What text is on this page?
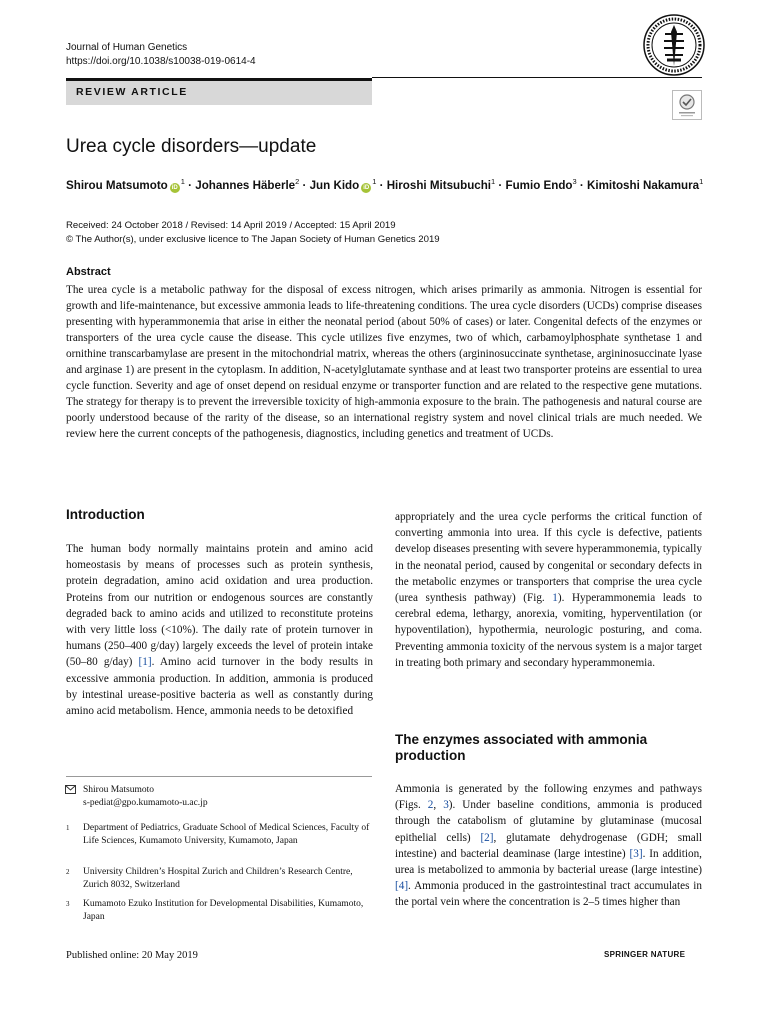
Journal of Human Genetics
https://doi.org/10.1038/s10038-019-0614-4
REVIEW ARTICLE
Urea cycle disorders—update
Shirou Matsumoto $iD^1$ · Johannes Häberle$^2$ · Jun Kido $iD^1$ · Hiroshi Mitsubuchi$^1$ · Fumio Endo$^3$ · Kimitoshi Nakamura$^1$
Received: 24 October 2018 / Revised: 14 April 2019 / Accepted: 15 April 2019
© The Author(s), under exclusive licence to The Japan Society of Human Genetics 2019
Abstract
The urea cycle is a metabolic pathway for the disposal of excess nitrogen, which arises primarily as ammonia. Nitrogen is essential for growth and life-maintenance, but excessive ammonia leads to life-threatening conditions. The urea cycle disorders (UCDs) comprise diseases presenting with hyperammonemia that arise in either the neonatal period (about 50% of cases) or later. Congenital defects of the enzymes or transporters of the urea cycle cause the disease. This cycle utilizes five enzymes, two of which, carbamoylphosphate synthetase 1 and ornithine transcarbamylase are present in the mitochondrial matrix, whereas the others (argininosuccinate synthetase, argininosuccinate lyase and arginase 1) are present in the cytoplasm. In addition, N-acetylglutamate synthase and at least two transporter proteins are essential to urea cycle function. Severity and age of onset depend on residual enzyme or transporter function and are related to the respective gene mutations. The strategy for therapy is to prevent the irreversible toxicity of high-ammonia exposure to the brain. The pathogenesis and natural course are poorly understood because of the rarity of the disease, so an international registry system and novel clinical trials are much needed. We review here the current concepts of the pathogenesis, diagnostics, including genetics and treatment of UCDs.
Introduction
The human body normally maintains protein and amino acid homeostasis by means of processes such as protein synthesis, protein degradation, amino acid oxidation and urea production. Proteins from our nutrition or endogenous sources are constantly degraded back to amino acids and utilized to reconstitute proteins with very little loss (<10%). The daily rate of protein turnover in humans (250–400 g/day) largely exceeds the level of protein intake (50–80 g/day) [1]. Amino acid turnover in the body results in excessive ammonia production. In addition, ammonia is produced by intestinal urease-positive bacteria as well as constantly during amino acid metabolism. Hence, ammonia needs to be detoxified
Shirou Matsumoto
s-pediat@gpo.kumamoto-u.ac.jp
1 Department of Pediatrics, Graduate School of Medical Sciences, Faculty of Life Sciences, Kumamoto University, Kumamoto, Japan
2 University Children’s Hospital Zurich and Children’s Research Centre, Zurich 8032, Switzerland
3 Kumamoto Ezuko Institution for Developmental Disabilities, Kumamoto, Japan
appropriately and the urea cycle performs the critical function of converting ammonia into urea. If this cycle is defective, patients develop diseases presenting with severe hyperammonemia, typically in the neonatal period, caused by congenital or secondary defects in the metabolic enzymes or transporters that comprise the urea cycle (urea synthesis pathway) (Fig. 1). Hyperammonemia leads to cerebral edema, lethargy, anorexia, vomiting, hyperventilation (or hypoventilation), hypothermia, neurologic posturing, and coma. Preventing ammonia toxicity of the nervous system is a major target in treating both primary and secondary hyperammonemia.
The enzymes associated with ammonia production
Ammonia is generated by the following enzymes and pathways (Figs. 2, 3). Under baseline conditions, ammonia is produced through the catabolism of glutamine by glutaminase (mucosal epithelial cells) [2], glutamate dehydrogenase (GDH; small intestine) and bacterial deaminase (large intestine) [3]. In addition, urea is metabolized to ammonia by bacterial urease (large intestine) [4]. Ammonia produced in the gastrointestinal tract accumulates in the portal vein where the concentration is 2–5 times higher than
Published online: 20 May 2019	SPRINGER NATURE
